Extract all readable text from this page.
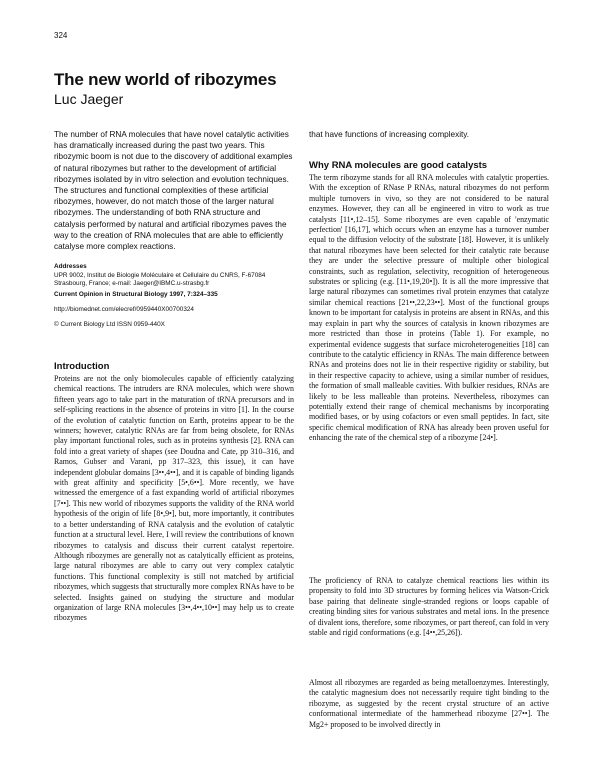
324
The new world of ribozymes
Luc Jaeger
The number of RNA molecules that have novel catalytic activities has dramatically increased during the past two years. This ribozymic boom is not due to the discovery of additional examples of natural ribozymes but rather to the development of artificial ribozymes isolated by in vitro selection and evolution techniques. The structures and functional complexities of these artificial ribozymes, however, do not match those of the larger natural ribozymes. The understanding of both RNA structure and catalysis performed by natural and artificial ribozymes paves the way to the creation of RNA molecules that are able to efficiently catalyse more complex reactions.
Addresses
UPR 9002, Institut de Biologie Moléculaire et Cellulaire du CNRS, F-67084 Strasbourg, France; e-mail: Jaeger@IBMC.u-strasbg.fr
Current Opinion in Structural Biology 1997, 7:324–335
http://biomednet.com/elecref/0959440X00700324
© Current Biology Ltd ISSN 0959-440X
Introduction
Proteins are not the only biomolecules capable of efficiently catalyzing chemical reactions. The intruders are RNA molecules, which were shown fifteen years ago to take part in the maturation of tRNA precursors and in self-splicing reactions in the absence of proteins in vitro [1]. In the course of the evolution of catalytic function on Earth, proteins appear to be the winners; however, catalytic RNAs are far from being obsolete, for RNAs play important functional roles, such as in proteins synthesis [2]. RNA can fold into a great variety of shapes (see Doudna and Cate, pp 310–316, and Ramos, Gubser and Varani, pp 317–323, this issue), it can have independent globular domains [3••,4••], and it is capable of binding ligands with great affinity and specificity [5•,6••]. More recently, we have witnessed the emergence of a fast expanding world of artificial ribozymes [7••]. This new world of ribozymes supports the validity of the RNA world hypothesis of the origin of life [8•,9•], but, more importantly, it contributes to a better understanding of RNA catalysis and the evolution of catalytic function at a structural level. Here, I will review the contributions of known ribozymes to catalysis and discuss their current catalyst repertoire. Although ribozymes are generally not as catalytically efficient as proteins, large natural ribozymes are able to carry out very complex catalytic functions. This functional complexity is still not matched by artificial ribozymes, which suggests that structurally more complex RNAs have to be selected. Insights gained on studying the structure and modular organization of large RNA molecules [3••,4••,10••] may help us to create ribozymes
that have functions of increasing complexity.
Why RNA molecules are good catalysts
The term ribozyme stands for all RNA molecules with catalytic properties. With the exception of RNase P RNAs, natural ribozymes do not perform multiple turnovers in vivo, so they are not considered to be natural enzymes. However, they can all be engineered in vitro to work as true catalysts [11•,12–15]. Some ribozymes are even capable of 'enzymatic perfection' [16,17], which occurs when an enzyme has a turnover number equal to the diffusion velocity of the substrate [18]. However, it is unlikely that natural ribozymes have been selected for their catalytic rate because they are under the selective pressure of multiple other biological constraints, such as regulation, selectivity, recognition of heterogeneous substrates or splicing (e.g. [11•,19,20•]). It is all the more impressive that large natural ribozymes can sometimes rival protein enzymes that catalyze similar chemical reactions [21••,22,23••]. Most of the functional groups known to be important for catalysis in proteins are absent in RNAs, and this may explain in part why the sources of catalysis in known ribozymes are more restricted than those in proteins (Table 1). For example, no experimental evidence suggests that surface microheterogeneities [18] can contribute to the catalytic efficiency in RNAs. The main difference between RNAs and proteins does not lie in their respective rigidity or stability, but in their respective capacity to achieve, using a similar number of residues, the formation of small malleable cavities. With bulkier residues, RNAs are likely to be less malleable than proteins. Nevertheless, ribozymes can potentially extend their range of chemical mechanisms by incorporating modified bases, or by using cofactors or even small peptides. In fact, site specific chemical modification of RNA has already been proven useful for enhancing the rate of the chemical step of a ribozyme [24•].
The proficiency of RNA to catalyze chemical reactions lies within its propensity to fold into 3D structures by forming helices via Watson-Crick base pairing that delineate single-stranded regions or loops capable of creating binding sites for various substrates and metal ions. In the presence of divalent ions, therefore, some ribozymes, or part thereof, can fold in very stable and rigid conformations (e.g. [4••,25,26]).
Almost all ribozymes are regarded as being metalloenzymes. Interestingly, the catalytic magnesium does not necessarily require tight binding to the ribozyme, as suggested by the recent crystal structure of an active conformational intermediate of the hammerhead ribozyme [27••]. The Mg2+ proposed to be involved directly in
